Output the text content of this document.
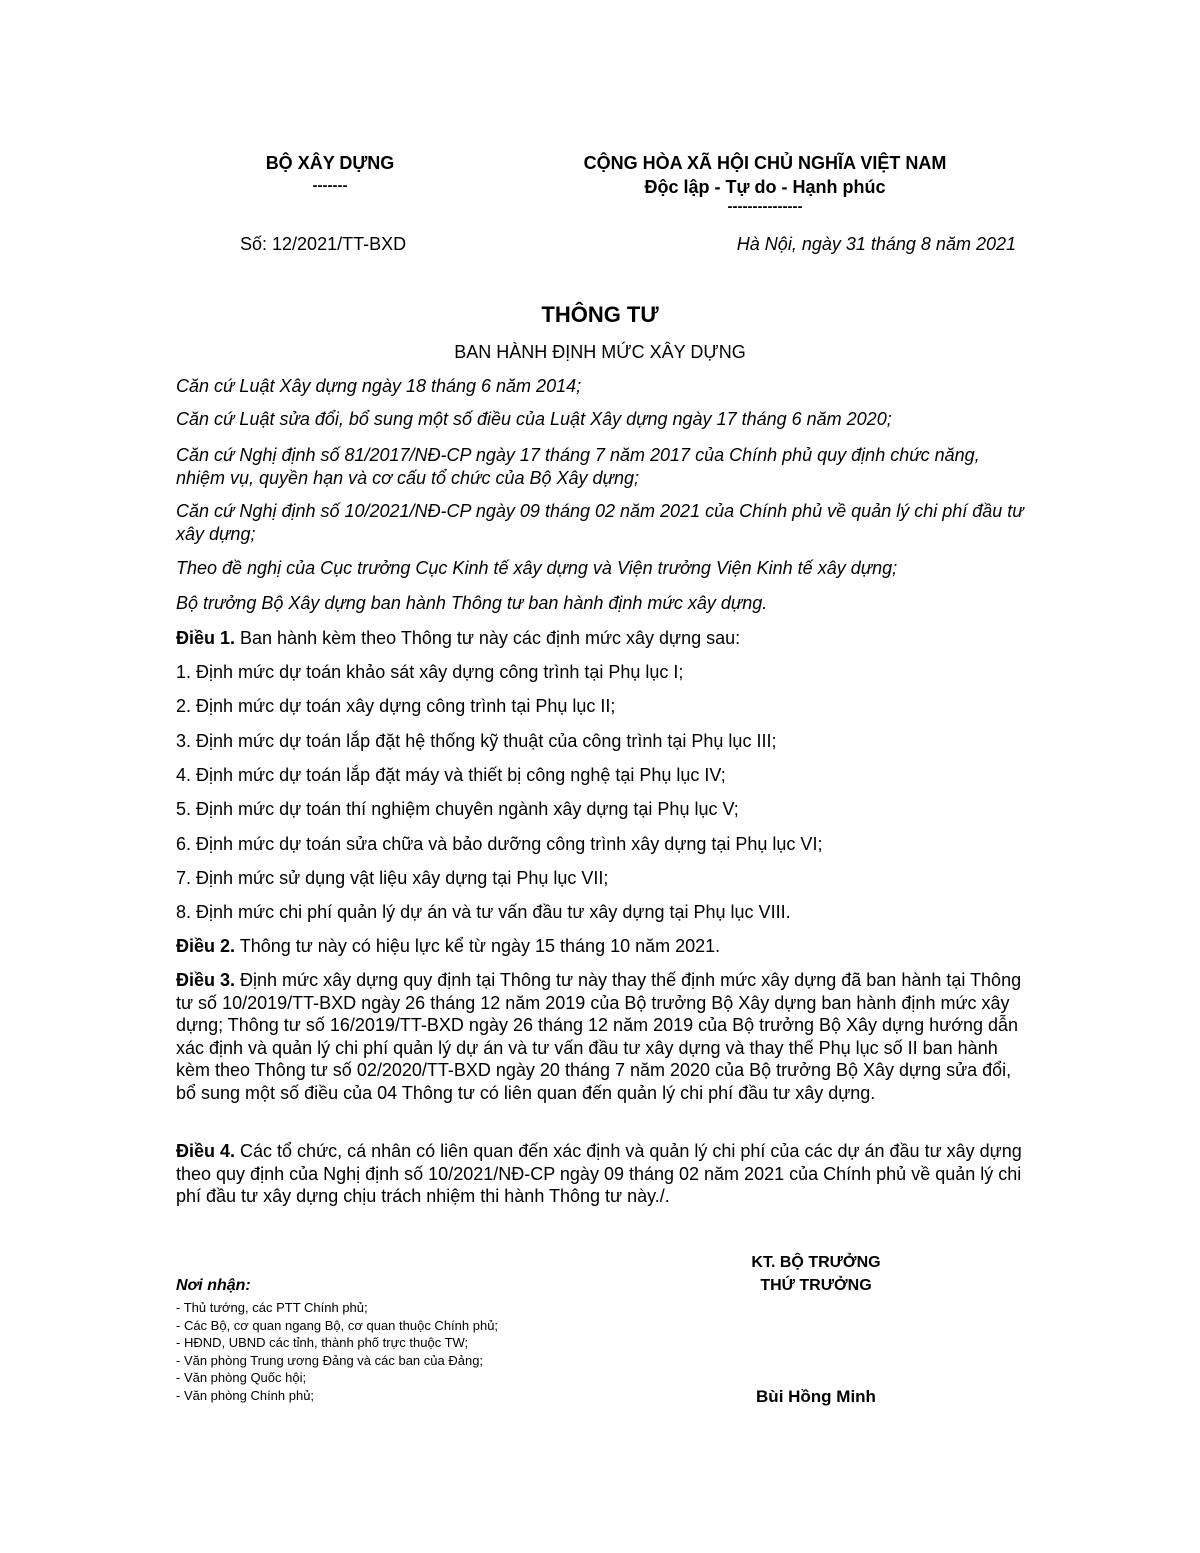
BỘ XÂY DỰNG
-------
CỘNG HÒA XÃ HỘI CHỦ NGHĨA VIỆT NAM
Độc lập - Tự do - Hạnh phúc
---------------
Số: 12/2021/TT-BXD	Hà Nội, ngày 31 tháng 8 năm 2021
THÔNG TƯ
BAN HÀNH ĐỊNH MỨC XÂY DỰNG
Căn cứ Luật Xây dựng ngày 18 tháng 6 năm 2014;
Căn cứ Luật sửa đổi, bổ sung một số điều của Luật Xây dựng ngày 17 tháng 6 năm 2020;
Căn cứ Nghị định số 81/2017/NĐ-CP ngày 17 tháng 7 năm 2017 của Chính phủ quy định chức năng, nhiệm vụ, quyền hạn và cơ cấu tổ chức của Bộ Xây dựng;
Căn cứ Nghị định số 10/2021/NĐ-CP ngày 09 tháng 02 năm 2021 của Chính phủ về quản lý chi phí đầu tư xây dựng;
Theo đề nghị của Cục trưởng Cục Kinh tế xây dựng và Viện trưởng Viện Kinh tế xây dựng;
Bộ trưởng Bộ Xây dựng ban hành Thông tư ban hành định mức xây dựng.
Điều 1. Ban hành kèm theo Thông tư này các định mức xây dựng sau:
1. Định mức dự toán khảo sát xây dựng công trình tại Phụ lục I;
2. Định mức dự toán xây dựng công trình tại Phụ lục II;
3. Định mức dự toán lắp đặt hệ thống kỹ thuật của công trình tại Phụ lục III;
4. Định mức dự toán lắp đặt máy và thiết bị công nghệ tại Phụ lục IV;
5. Định mức dự toán thí nghiệm chuyên ngành xây dựng tại Phụ lục V;
6. Định mức dự toán sửa chữa và bảo dưỡng công trình xây dựng tại Phụ lục VI;
7. Định mức sử dụng vật liệu xây dựng tại Phụ lục VII;
8. Định mức chi phí quản lý dự án và tư vấn đầu tư xây dựng tại Phụ lục VIII.
Điều 2. Thông tư này có hiệu lực kể từ ngày 15 tháng 10 năm 2021.
Điều 3. Định mức xây dựng quy định tại Thông tư này thay thế định mức xây dựng đã ban hành tại Thông tư số 10/2019/TT-BXD ngày 26 tháng 12 năm 2019 của Bộ trưởng Bộ Xây dựng ban hành định mức xây dựng; Thông tư số 16/2019/TT-BXD ngày 26 tháng 12 năm 2019 của Bộ trưởng Bộ Xây dựng hướng dẫn xác định và quản lý chi phí quản lý dự án và tư vấn đầu tư xây dựng và thay thế Phụ lục số II ban hành kèm theo Thông tư số 02/2020/TT-BXD ngày 20 tháng 7 năm 2020 của Bộ trưởng Bộ Xây dựng sửa đổi, bổ sung một số điều của 04 Thông tư có liên quan đến quản lý chi phí đầu tư xây dựng.
Điều 4. Các tổ chức, cá nhân có liên quan đến xác định và quản lý chi phí của các dự án đầu tư xây dựng theo quy định của Nghị định số 10/2021/NĐ-CP ngày 09 tháng 02 năm 2021 của Chính phủ về quản lý chi phí đầu tư xây dựng chịu trách nhiệm thi hành Thông tư này./.
Nơi nhận:
- Thủ tướng, các PTT Chính phủ;
- Các Bộ, cơ quan ngang Bộ, cơ quan thuộc Chính phủ;
- HĐND, UBND các tỉnh, thành phố trực thuộc TW;
- Văn phòng Trung ương Đảng và các ban của Đảng;
- Văn phòng Quốc hội;
- Văn phòng Chính phủ;
KT. BỘ TRƯỞNG
THỨ TRƯỞNG
Bùi Hồng Minh
